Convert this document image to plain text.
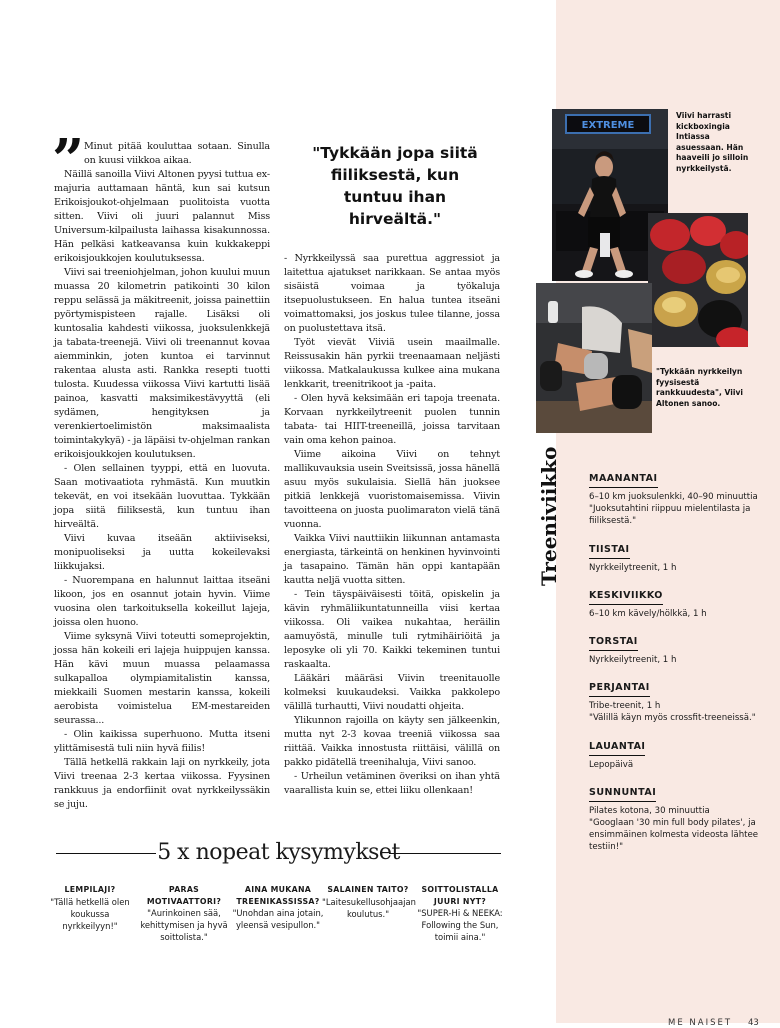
” Minut pitää kouluttaa sotaan. Sinulla on kuusi viikkoa aikaa.

Näillä sanoilla Viivi Altonen pyysi tuttua ex-majuria auttamaan häntä, kun sai kutsun Erikoisjoukot-ohjelmaan puolitoista vuotta sitten. Viivi oli juuri palannut Miss Universum-kilpailusta laihassa kisakunnossa. Hän pelkäsi katkeavansa kuin kukkakeppi erikoisjoukkojen koulutuksessa.

Viivi sai treeniohjelman, johon kuului muun muassa 20 kilometrin patikointi 30 kilon reppu selässä ja mäkitreenit, joissa painettiin pyörtymispisteen rajalle. Lisäksi oli kuntosalia kahdesti viikossa, juoksulenkkejä ja tabata-treenejä. Viivi oli treenannut kovaa aiemminkin, joten kuntoa ei tarvinnut rakentaa alusta asti. Rankka resepti tuotti tulosta. Kuudessa viikossa Viivi kartutti lisää painoa, kasvatti maksimikestävyyttä (eli sydämen, hengityksen ja verenkiertoelimistön maksimaalista toimintakykyä) - ja läpäisi tv-ohjelman rankan erikoisjoukkojen koulutuksen.

- Olen sellainen tyyppi, että en luovuta. Saan motivaatiota ryhmästä. Kun muutkin tekevät, en voi itsekään luovuttaa. Tykkään jopa siitä fiiliksestä, kun tuntuu ihan hirveältä.

Viivi kuvaa itseään aktiiviseksi, monipuoliseksi ja uutta kokeilevaksi liikkujaksi.

- Nuorempana en halunnut laittaa itseäni likoon, jos en osannut jotain hyvin. Viime vuosina olen tarkoituksella kokeillut lajeja, joissa olen huono.

Viime syksynä Viivi toteutti someprojektin, jossa hän kokeili eri lajeja huippujen kanssa. Hän kävi muun muassa pelaamassa sulkapalloa olympiamitalistin kanssa, miekkaili Suomen mestarin kanssa, kokeili aerobista voimistelua EM-mestareiden seurassa...

- Olin kaikissa superhuono. Mutta itseni ylittämisestä tuli niin hyvä fiilis!

Tällä hetkellä rakkain laji on nyrkkeily, jota Viivi treenaa 2-3 kertaa viikossa. Fyysinen rankkuus ja endorfiinit ovat nyrkkeilyssäkin se juju.

"Tykkään jopa siitä fiiliksestä, kun tuntuu ihan hirveältä."

- Nyrkkeilyssä saa purettua aggressiot ja laitettua ajatukset narikkaan. Se antaa myös sisäistä voimaa ja työkaluja itsepuolustukseen. En halua tuntea itseäni voimattomaksi, jos joskus tulee tilanne, jossa on puolustettava itsä.

Työt vievät Viiviä usein maailmalle. Reissusakin hän pyrkii treenaamaan neljästi viikossa. Matkalaukussa kulkee aina mukana lenkkarit, treenitrikoot ja -paita.

- Olen hyvä keksimään eri tapoja treenata. Korvaan nyrkkeilytreenit puolen tunnin tabata- tai HIIT-treeneillä, joissa tarvitaan vain oma kehon painoa.

Viime aikoina Viivi on tehnyt mallikuvauksia usein Sveitsissä, jossa hänellä asuu myös sukulaisia. Siellä hän juoksee pitkiä lenkkejä vuoristomaisemissa. Viivin tavoitteena on juosta puolimaraton vielä tänä vuonna.

Vaikka Viivi nauttiikin liikunnan antamasta energiasta, tärkeintä on henkinen hyvinvointi ja tasapaino. Tämän hän oppi kantapään kautta neljä vuotta sitten.

- Tein täyspäiväisesti töitä, opiskelin ja kävin ryhmäliikuntatunneilla viisi kertaa viikossa. Oli vaikea nukahtaa, heräilin aamuyöstä, minulle tuli rytmihäiriöitä ja leposyke oli yli 70. Kaikki tekeminen tuntui raskaalta.

Lääkäri määräsi Viivin treenitauolle kolmeksi kuukaudeksi. Vaikka pakkolepo välillä turhautti, Viivi noudatti ohjeita.

Ylikunnon rajoilla on käyty sen jälkeenkin, mutta nyt 2-3 kovaa treeniä viikossa saa riittää. Vaikka innostusta riittäisi, välillä on pakko pidätellä treenihaluja, Viivi sanoo.

- Urheilun vetäminen överiksi on ihan yhtä vaarallista kuin se, ettei liiku ollenkaan!

EXTREME
Viivi harrasti kickboxingia Intiassa asuessaan. Hän haaveili jo silloin nyrkkeilystä.
"Tykkään nyrkkeilyn fyysisestä rankkuudesta", Viivi Altonen sanoo.
Treeniviikko	MAANANTAI
6–10 km juoksulenkki, 40–90 minuuttia
"Juoksutahtini riippuu mielentilasta ja fiiliksestä."
TIISTAI
Nyrkkeilytreenit, 1 h
KESKIVIIKKO
6–10 km kävely/hölkkä, 1 h
TORSTAI
Nyrkkeilytreenit, 1 h
PERJANTAI
Tribe-treenit, 1 h
"Välillä käyn myös crossfit-treeneissä."
LAUANTAI
Lepopäivä
SUNNUNTAI
Pilates kotona, 30 minuuttia
"Googlaan '30 min full body pilates', ja ensimmäinen kolmesta videosta lähtee testiin!"
5 x nopeat kysymykset
LEMPILAJI?
"Tällä hetkellä olen koukussa nyrkkeilyyn!"
PARAS MOTIVAATTORI?
"Aurinkoinen sää, kehittymisen ja hyvä soittolista."
AINA MUKANA TREENIKASSISSA?
"Unohdan aina jotain, yleensä vesipullon."
SALAINEN TAITO?
"Laitesukellusohjaajan koulutus."
SOITTOLISTALLA JUURI NYT?
"SUPER-Hi & NEEKA: Following the Sun, toimii aina."
ME NAISET 43
